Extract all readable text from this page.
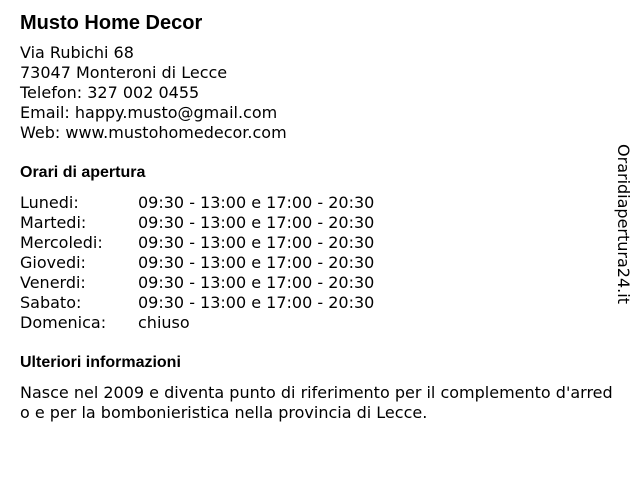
Musto Home Decor
Via Rubichi 68
73047 Monteroni di Lecce
Telefon: 327 002 0455
Email: happy.musto@gmail.com
Web: www.mustohomedecor.com
Orari di apertura
Lunedi:	09:30 - 13:00 e 17:00 - 20:30
Martedi:	09:30 - 13:00 e 17:00 - 20:30
Mercoledi:	09:30 - 13:00 e 17:00 - 20:30
Giovedi:	09:30 - 13:00 e 17:00 - 20:30
Venerdi:	09:30 - 13:00 e 17:00 - 20:30
Sabato:	09:30 - 13:00 e 17:00 - 20:30
Domenica:	chiuso
Ulteriori informazioni
Nasce nel 2009 e diventa punto di riferimento per il complemento d'arredo e per la bombonieristica nella provincia di Lecce.
Oraridiapertura24.it
